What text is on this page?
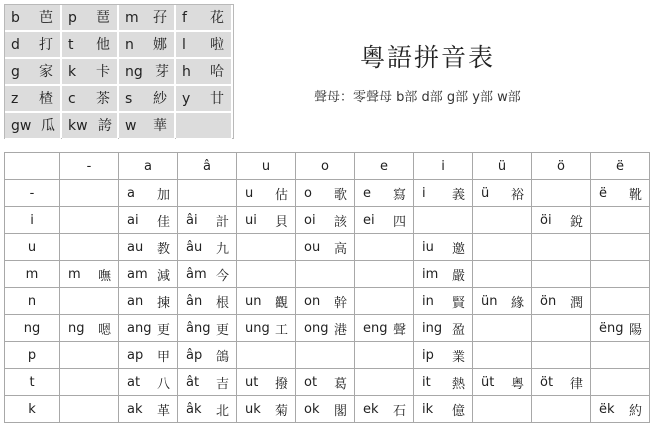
b 芭 p 琶 m 孖 f 花
d 打 t 他 n 娜 l 啦
g 家 k 卡 ng 芽 h 哈
z 楂 c 茶 s 紗 y 廿
gw 瓜 kw 誇 w 華
粵語拼音表
聲母：零聲母 b部 d部 g部 y部 w部
	-	a	â	u	o	e	i	ü	ö	ë
-		a 加		u 估	o 歌	e 寫	i 義	ü 裕		ë 靴

i		ai 佳	âi 計	ui 貝	oi 該	ei 四			öi 銳	

u		au 教	âu 九		ou 高		iu 邀			

m	m 嘸	am 減	âm 今				im 嚴			

n		an 揀	ân 根	un 觀	on 幹		in 賢	ün 緣	ön 潤	

ng	ng 嗯	ang 更	âng 更	ung 工	ong 港	eng 聲	ing 盈			ëng 陽

p		ap 甲	âp 鴿				ip 業			

t		at 八	ât 吉	ut 撥	ot 葛		it 熱	üt 粵	öt 律	

k		ak 革	âk 北	uk 菊	ok 閣	ek 石	ik 億			ëk 約
